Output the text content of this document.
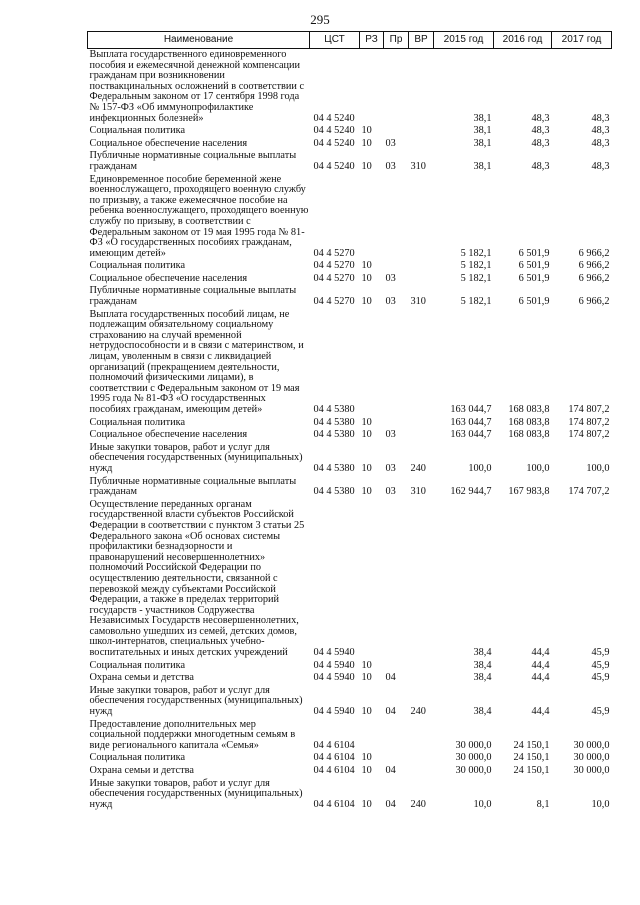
295
Наименование	ЦСТ	РЗ	Пр	ВР	2015 год	2016 год	2017 год
Выплата государственного единовременного пособия и ежемесячной денежной компенсации гражданам при возникновении поствакцинальных осложнений в соответствии с Федеральным законом от 17 сентября 1998 года № 157-ФЗ «Об иммунопрофилактике инфекционных болезней»	04 4 5240				38,1	48,3	48,3
Социальная политика	04 4 5240	10			38,1	48,3	48,3
Социальное обеспечение населения	04 4 5240	10	03		38,1	48,3	48,3
Публичные нормативные социальные выплаты гражданам	04 4 5240	10	03	310	38,1	48,3	48,3
Единовременное пособие беременной жене военнослужащего, проходящего военную службу по призыву, а также ежемесячное пособие на ребенка военнослужащего, проходящего военную службу по призыву, в соответствии с Федеральным законом от 19 мая 1995 года № 81-ФЗ «О государственных пособиях гражданам, имеющим детей»	04 4 5270				5 182,1	6 501,9	6 966,2
Социальная политика	04 4 5270	10			5 182,1	6 501,9	6 966,2
Социальное обеспечение населения	04 4 5270	10	03		5 182,1	6 501,9	6 966,2
Публичные нормативные социальные выплаты гражданам	04 4 5270	10	03	310	5 182,1	6 501,9	6 966,2
Выплата государственных пособий лицам, не подлежащим обязательному социальному страхованию на случай временной нетрудоспособности и в связи с материнством, и лицам, уволенным в связи с ликвидацией организаций (прекращением деятельности, полномочий физическими лицами), в соответствии с Федеральным законом от 19 мая 1995 года № 81-ФЗ «О государственных пособиях гражданам, имеющим детей»	04 4 5380				163 044,7	168 083,8	174 807,2
Социальная политика	04 4 5380	10			163 044,7	168 083,8	174 807,2
Социальное обеспечение населения	04 4 5380	10	03		163 044,7	168 083,8	174 807,2
Иные закупки товаров, работ и услуг для обеспечения государственных (муниципальных) нужд	04 4 5380	10	03	240	100,0	100,0	100,0
Публичные нормативные социальные выплаты гражданам	04 4 5380	10	03	310	162 944,7	167 983,8	174 707,2
Осуществление переданных органам государственной власти субъектов Российской Федерации в соответствии с пунктом 3 статьи 25 Федерального закона «Об основах системы профилактики безнадзорности и правонарушений несовершеннолетних» полномочий Российской Федерации по осуществлению деятельности, связанной с перевозкой между субъектами Российской Федерации, а также в пределах территорий государств - участников Содружества Независимых Государств несовершеннолетних, самовольно ушедших из семей, детских домов, школ-интернатов, специальных учебно-воспитательных и иных детских учреждений	04 4 5940				38,4	44,4	45,9
Социальная политика	04 4 5940	10			38,4	44,4	45,9
Охрана семьи и детства	04 4 5940	10	04		38,4	44,4	45,9
Иные закупки товаров, работ и услуг для обеспечения государственных (муниципальных) нужд	04 4 5940	10	04	240	38,4	44,4	45,9
Предоставление дополнительных мер социальной поддержки многодетным семьям в виде регионального капитала «Семья»	04 4 6104				30 000,0	24 150,1	30 000,0
Социальная политика	04 4 6104	10			30 000,0	24 150,1	30 000,0
Охрана семьи и детства	04 4 6104	10	04		30 000,0	24 150,1	30 000,0
Иные закупки товаров, работ и услуг для обеспечения государственных (муниципальных) нужд	04 4 6104	10	04	240	10,0	8,1	10,0
